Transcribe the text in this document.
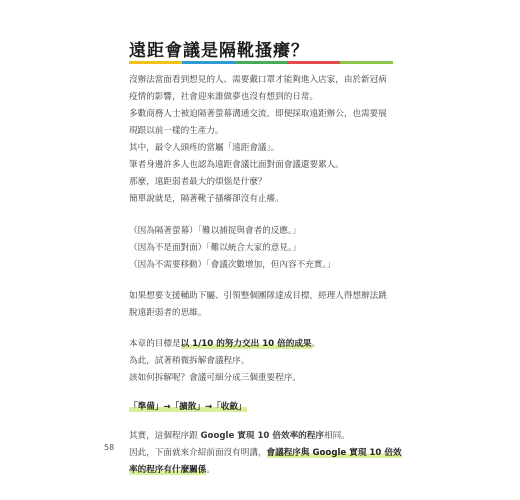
遠距會議是隔靴搔癢？
沒辦法當面看到想見的人、需要戴口罩才能夠進入店家，由於新冠病
疫情的影響，社會迎來誰做夢也沒有想到的日常。
多數商務人士被迫隔著螢幕溝通交流，即便採取遠距辦公，也需要展
現跟以前一樣的生產力。
其中，最令人頭疼的當屬「遠距會議」。
筆者身邊許多人也認為遠距會議比面對面會議還要累人。
那麼，遠距弱者最大的煩惱是什麼？
簡單說就是，隔著靴子搔癢卻沒有止癢。
（因為隔著螢幕）「難以捕捉與會者的反應。」
（因為不是面對面）「難以統合大家的意見。」
（因為不需要移動）「會議次數增加，但內容不充實。」
如果想要支援輔助下屬、引領整個團隊達成目標，經理人得想辦法跳
脫遠距弱者的思維。
本章的目標是以 1/10 的努力交出 10 倍的成果。
為此，試著稍微拆解會議程序。
該如何拆解呢？會議可細分成三個重要程序。
「準備」→「擴散」→「收斂」
其實，這個程序跟 Google 實現 10 倍效率的程序相同。
因此，下面就來介紹前面沒有明講，會議程序與 Google 實現 10 倍效
率的程序有什麼關係。
58
